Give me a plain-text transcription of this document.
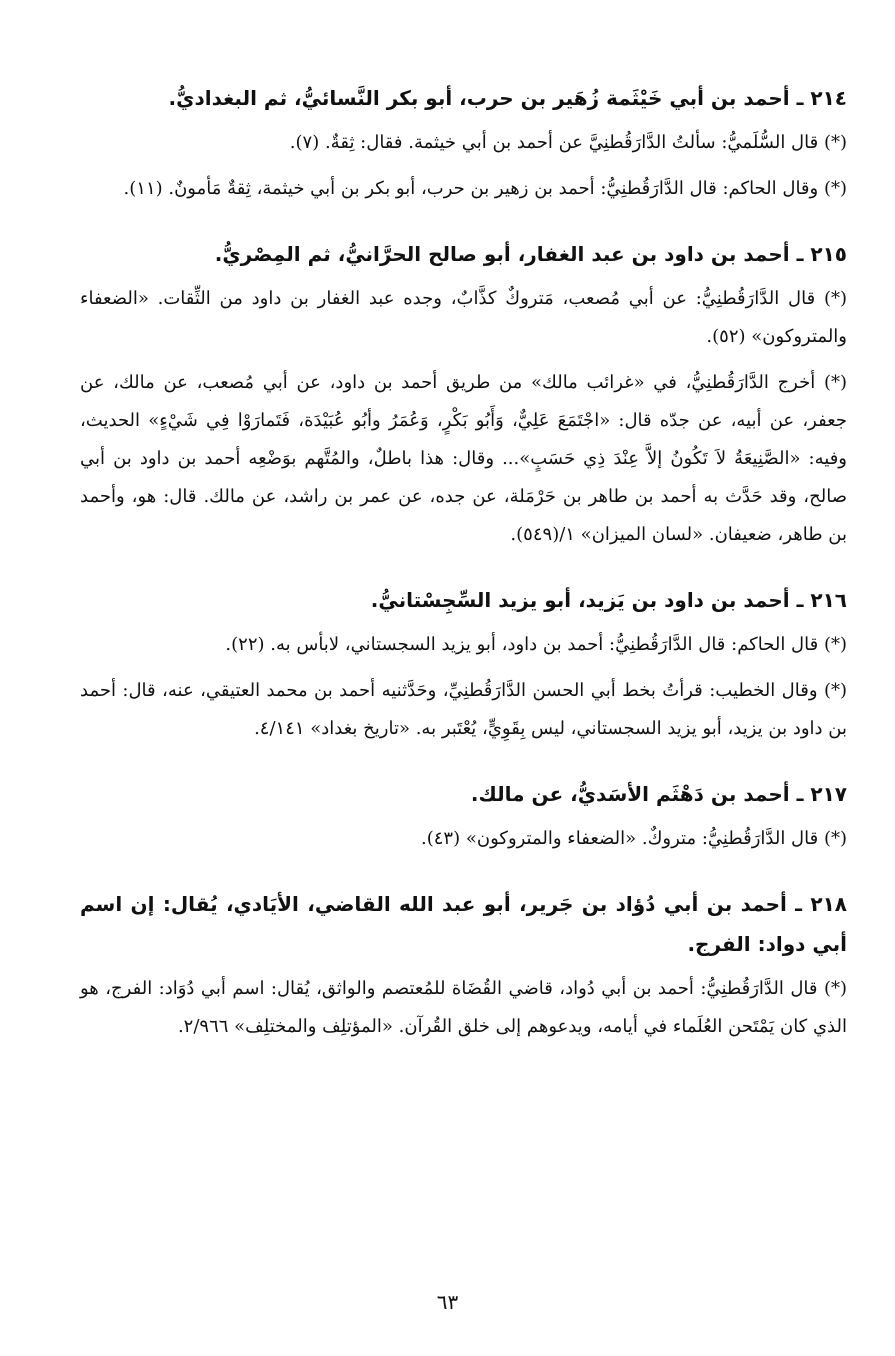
٢١٤ ـ أحمد بن أبي خَيْثَمة زُهَير بن حرب، أبو بكر النَّسائيُّ، ثم البغداديُّ.

(*) قال السُّلَميُّ: سألتُ الدَّارَقُطنِيَّ عن أحمد بن أبي خيثمة. فقال: ثِقةٌ. (٧).

(*) وقال الحاكم: قال الدَّارَقُطنِيُّ: أحمد بن زهير بن حرب، أبو بكر بن أبي خيثمة، ثِقةٌ مَأمونٌ. (١١).

٢١٥ ـ أحمد بن داود بن عبد الغفار، أبو صالح الحرَّانيُّ، ثم المِصْريُّ.

(*) قال الدَّارَقُطنِيُّ: عن أبي مُصعب، مَتروكٌ كذَّابٌ، وجده عبد الغفار بن داود من الثِّقات. «الضعفاء والمتروكون» (٥٢).

(*) أخرج الدَّارَقُطنِيُّ، في «غرائب مالك» من طريق أحمد بن داود، عن أبي مُصعب، عن مالك، عن جعفر، عن أبيه، عن جدّه قال: «اجْتَمَعَ عَلِيٌّ، وَأَبُو بَكْرٍ، وَعُمَرُ وأبُو عُبَيْدَة، فَتَمارَوْا فِي شَيْءٍ» الحديث، وفيه: «الصَّنِيعَةُ لاَ تَكُونُ إلاَّ عِنْدَ ذِي حَسَبٍ»... وقال: هذا باطلٌ، والمُتَّهم بوَضْعِه أحمد بن داود بن أبي صالح، وقد حَدَّث به أحمد بن طاهر بن حَرْمَلة، عن جده، عن عمر بن راشد، عن مالك. قال: هو، وأحمد بن طاهر، ضعيفان. «لسان الميزان» ١/(٥٤٩).

٢١٦ ـ أحمد بن داود بن يَزيد، أبو يزيد السِّجِسْتانيُّ.

(*) قال الحاكم: قال الدَّارَقُطنِيُّ: أحمد بن داود، أبو يزيد السجستاني، لابأس به. (٢٢).

(*) وقال الخطيب: قرأتُ بخط أبي الحسن الدَّارَقُطنِيِّ، وحَدَّثنيه أحمد بن محمد العتيقي، عنه، قال: أحمد بن داود بن يزيد، أبو يزيد السجستاني، ليس بِقَوِيٍّ، يُعْتَبر به. «تاريخ بغداد» ٤/١٤١.

٢١٧ ـ أحمد بن دَهْثَم الأسَديُّ، عن مالك.

(*) قال الدَّارَقُطنِيُّ: متروكٌ. «الضعفاء والمتروكون» (٤٣).

٢١٨ ـ أحمد بن أبي دُؤاد بن جَرير، أبو عبد الله القاضي، الأيَادي، يُقال: إن اسم أبي دواد: الفرج.

(*) قال الدَّارَقُطنِيُّ: أحمد بن أبي دُواد، قاضي القُضَاة للمُعتصم والواثق، يُقال: اسم أبي دُوَاد: الفرج، هو الذي كان يَمْتَحن العُلَماء في أيامه، ويدعوهم إلى خلق القُرآن. «المؤتلِف والمختلِف» ٢/٩٦٦.

٦٣
